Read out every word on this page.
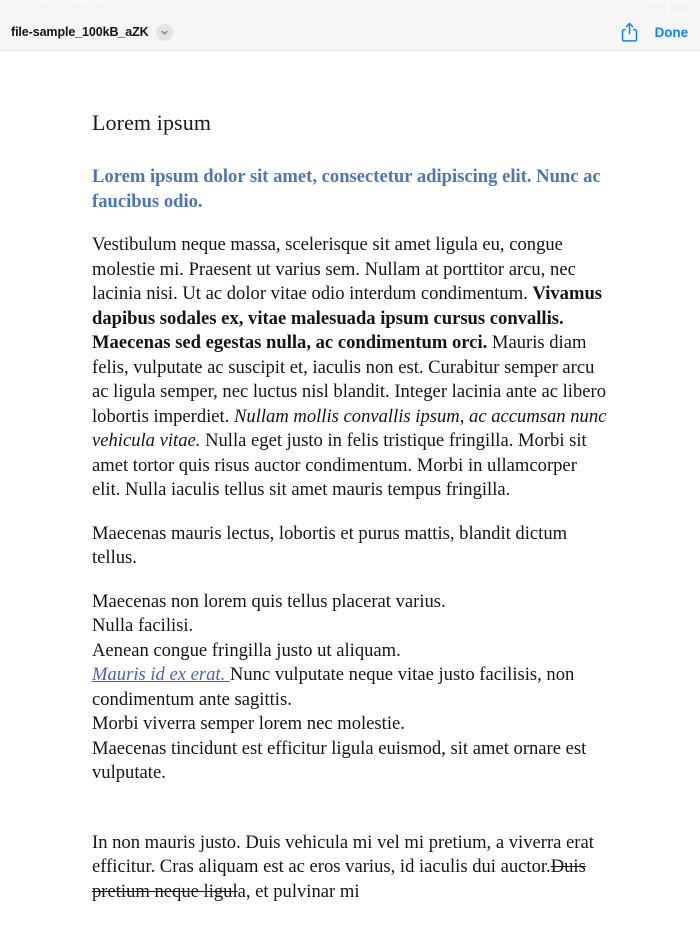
1:30 AM Sat Nov 19	100%
file-sample_100kB_aZK	Done
Lorem ipsum

Lorem ipsum dolor sit amet, consectetur adipiscing elit. Nunc ac faucibus odio.

Vestibulum neque massa, scelerisque sit amet ligula eu, congue molestie mi. Praesent ut varius sem. Nullam at porttitor arcu, nec lacinia nisi. Ut ac dolor vitae odio interdum condimentum. Vivamus dapibus sodales ex, vitae malesuada ipsum cursus convallis. Maecenas sed egestas nulla, ac condimentum orci. Mauris diam felis, vulputate ac suscipit et, iaculis non est. Curabitur semper arcu ac ligula semper, nec luctus nisl blandit. Integer lacinia ante ac libero lobortis imperdiet. Nullam mollis convallis ipsum, ac accumsan nunc vehicula vitae. Nulla eget justo in felis tristique fringilla. Morbi sit amet tortor quis risus auctor condimentum. Morbi in ullamcorper elit. Nulla iaculis tellus sit amet mauris tempus fringilla.

Maecenas mauris lectus, lobortis et purus mattis, blandit dictum tellus.

Maecenas non lorem quis tellus placerat varius.

Nulla facilisi.

Aenean congue fringilla justo ut aliquam.

Mauris id ex erat. Nunc vulputate neque vitae justo facilisis, non condimentum ante sagittis.

Morbi viverra semper lorem nec molestie.

Maecenas tincidunt est efficitur ligula euismod, sit amet ornare est vulputate.

In non mauris justo. Duis vehicula mi vel mi pretium, a viverra erat efficitur. Cras aliquam est ac eros varius, id iaculis dui auctor.Duis pretium neque ligula, et pulvinar mi
